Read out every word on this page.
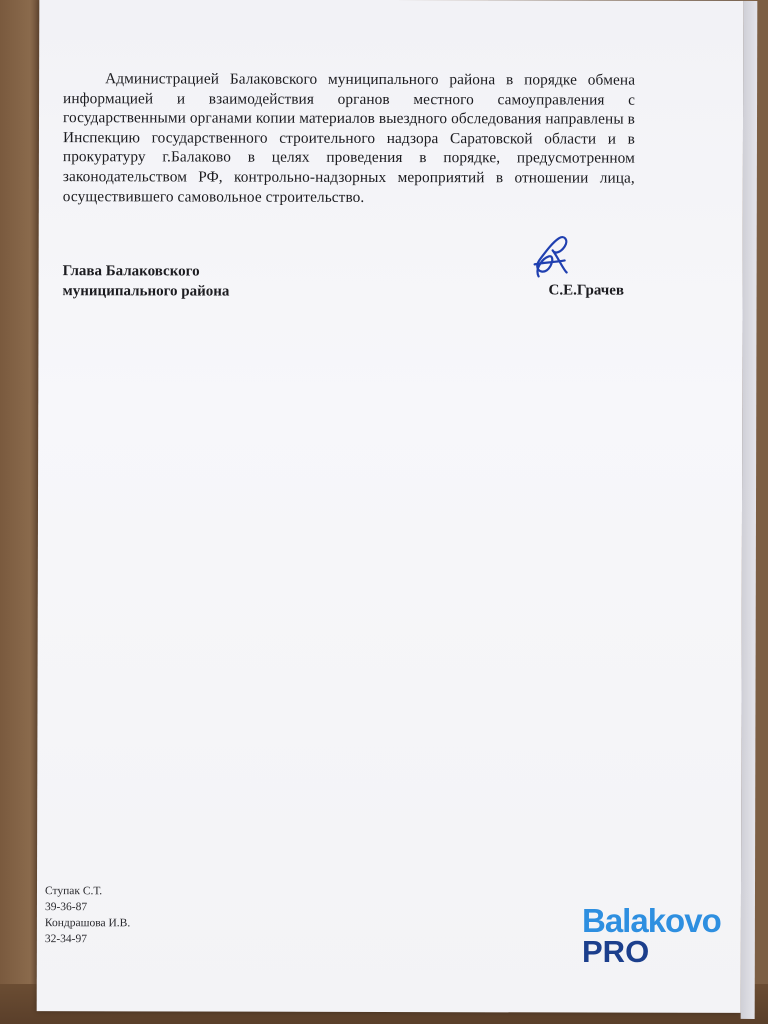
Администрацией Балаковского муниципального района в порядке обмена информацией и взаимодействия органов местного самоуправления с государственными органами копии материалов выездного обследования направлены в Инспекцию государственного строительного надзора Саратовской области и в прокуратуру г.Балаково в целях проведения в порядке, предусмотренном законодательством РФ, контрольно-надзорных мероприятий в отношении лица, осуществившего самовольное строительство.

Глава Балаковского
муниципального района	С.Е.Грачев
Ступак С.Т.
39-36-87
Кондрашова И.В.
32-34-97
Balakovo
PRO
